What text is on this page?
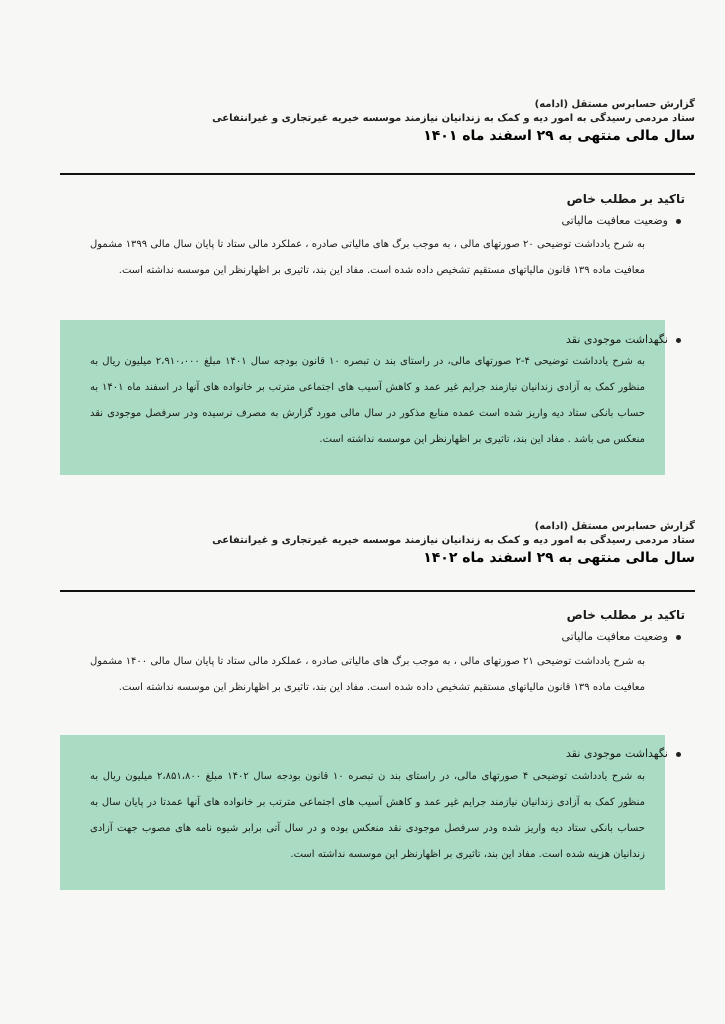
گزارش حسابرس مستقل (ادامه)
ستاد مردمی رسیدگی به امور دیه و کمک به زندانیان نیازمند موسسه خیریه غیرتجاری و غیرانتفاعی
سال مالی منتهی به ۲۹ اسفند ماه ۱۴۰۱
تاکید بر مطلب خاص
وضعیت معافیت مالیاتی
به شرح یادداشت توضیحی ۲۰ صورتهای مالی ، به موجب برگ های مالیاتی صادره ، عملکرد مالی ستاد تا پایان سال مالی ۱۳۹۹ مشمول معافیت ماده ۱۳۹ قانون مالیاتهای مستقیم تشخیص داده شده است. مفاد این بند، تاثیری بر اظهارنظر این موسسه نداشته است.
نگهداشت موجودی نقد
به شرح یادداشت توضیحی ۴-۲ صورتهای مالی، در راستای بند ن تبصره ۱۰ قانون بودجه سال ۱۴۰۱ مبلغ ۲،۹۱۰،۰۰۰ میلیون ریال به منظور کمک به آزادی زندانیان نیازمند جرایم غیر عمد و کاهش آسیب های اجتماعی مترتب بر خانواده های آنها در اسفند ماه ۱۴۰۱ به حساب بانکی ستاد دیه واریز شده است عمده منابع مذکور در سال مالی مورد گزارش به مصرف نرسیده ودر سرفصل موجودی نقد منعکس می باشد . مفاد این بند، تاثیری بر اظهارنظر این موسسه نداشته است.
گزارش حسابرس مستقل (ادامه)
ستاد مردمی رسیدگی به امور دیه و کمک به زندانیان نیازمند موسسه خیریه غیرتجاری و غیرانتفاعی
سال مالی منتهی به ۲۹ اسفند ماه ۱۴۰۲
تاکید بر مطلب خاص
وضعیت معافیت مالیاتی
به شرح یادداشت توضیحی ۲۱ صورتهای مالی ، به موجب برگ های مالیاتی صادره ، عملکرد مالی ستاد تا پایان سال مالی ۱۴۰۰ مشمول معافیت ماده ۱۳۹ قانون مالیاتهای مستقیم تشخیص داده شده است. مفاد این بند، تاثیری بر اظهارنظر این موسسه نداشته است.
نگهداشت موجودی نقد
به شرح یادداشت توضیحی ۴ صورتهای مالی، در راستای بند ن تبصره ۱۰ قانون بودجه سال ۱۴۰۲ مبلغ ۲،۸۵۱،۸۰۰ میلیون ریال به منظور کمک به آزادی زندانیان نیازمند جرایم غیر عمد و کاهش آسیب های اجتماعی مترتب بر خانواده های آنها عمدتا در پایان سال به حساب بانکی ستاد دیه واریز شده ودر سرفصل موجودی نقد منعکس بوده و در سال آتی برابر شیوه نامه های مصوب جهت آزادی زندانیان هزینه شده است. مفاد این بند، تاثیری بر اظهارنظر این موسسه نداشته است.
